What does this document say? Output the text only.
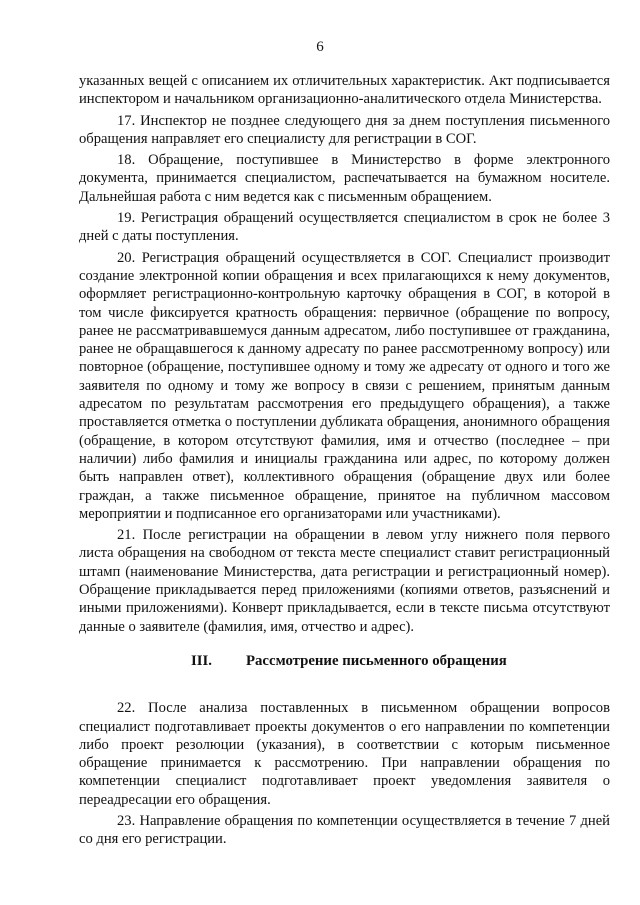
6

указанных вещей с описанием их отличительных характеристик. Акт подписывается инспектором и начальником организационно-аналитического отдела Министерства.

17. Инспектор не позднее следующего дня за днем поступления письменного обращения направляет его специалисту для регистрации в СОГ.

18. Обращение, поступившее в Министерство в форме электронного документа, принимается специалистом, распечатывается на бумажном носителе. Дальнейшая работа с ним ведется как с письменным обращением.

19. Регистрация обращений осуществляется специалистом в срок не более 3 дней с даты поступления.

20. Регистрация обращений осуществляется в СОГ. Специалист производит создание электронной копии обращения и всех прилагающихся к нему документов, оформляет регистрационно-контрольную карточку обращения в СОГ, в которой в том числе фиксируется кратность обращения: первичное (обращение по вопросу, ранее не рассматривавшемуся данным адресатом, либо поступившее от гражданина, ранее не обращавшегося к данному адресату по ранее рассмотренному вопросу) или повторное (обращение, поступившее одному и тому же адресату от одного и того же заявителя по одному и тому же вопросу в связи с решением, принятым данным адресатом по результатам рассмотрения его предыдущего обращения), а также проставляется отметка о поступлении дубликата обращения, анонимного обращения (обращение, в котором отсутствуют фамилия, имя и отчество (последнее – при наличии) либо фамилия и инициалы гражданина или адрес, по которому должен быть направлен ответ), коллективного обращения (обращение двух или более граждан, а также письменное обращение, принятое на публичном массовом мероприятии и подписанное его организаторами или участниками).

21. После регистрации на обращении в левом углу нижнего поля первого листа обращения на свободном от текста месте специалист ставит регистрационный штамп (наименование Министерства, дата регистрации и регистрационный номер). Обращение прикладывается перед приложениями (копиями ответов, разъяснений и иными приложениями). Конверт прикладывается, если в тексте письма отсутствуют данные о заявителе (фамилия, имя, отчество и адрес).

III. Рассмотрение письменного обращения

22. После анализа поставленных в письменном обращении вопросов специалист подготавливает проекты документов о его направлении по компетенции либо проект резолюции (указания), в соответствии с которым письменное обращение принимается к рассмотрению. При направлении обращения по компетенции специалист подготавливает проект уведомления заявителя о переадресации его обращения.

23. Направление обращения по компетенции осуществляется в течение 7 дней со дня его регистрации.
